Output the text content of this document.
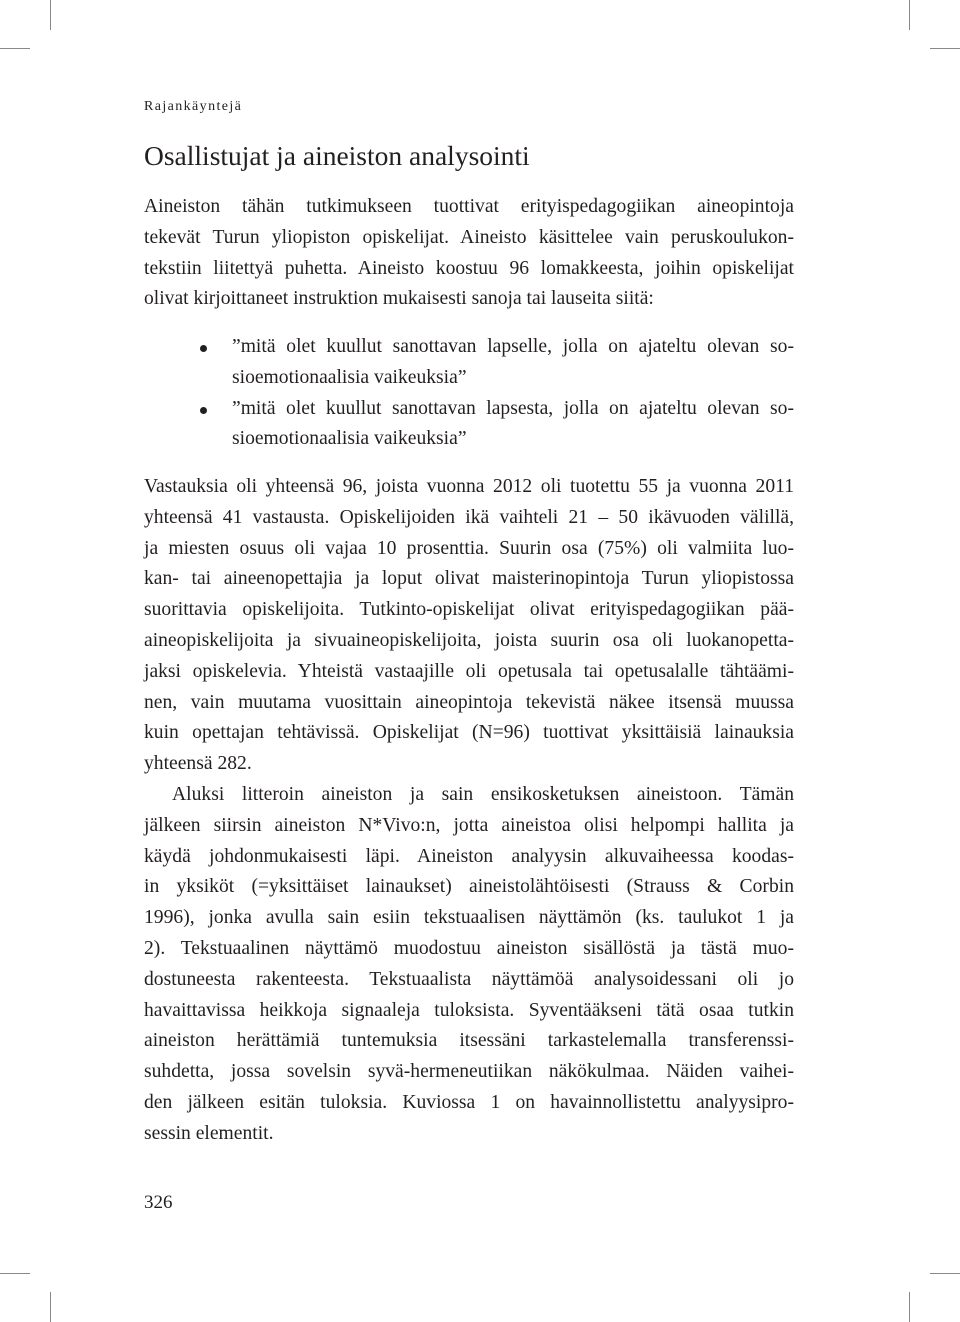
Rajankäyntejä
Osallistujat ja aineiston analysointi
Aineiston tähän tutkimukseen tuottivat erityispedagogiikan aineopintoja
tekevät Turun yliopiston opiskelijat. Aineisto käsittelee vain peruskoulukon-
tekstiin liitettyä puhetta. Aineisto koostuu 96 lomakkeesta, joihin opiskelijat
olivat kirjoittaneet instruktion mukaisesti sanoja tai lauseita siitä:
”mitä olet kuullut sanottavan lapselle, jolla on ajateltu olevan so-
sioemotionaalisia vaikeuksia”
”mitä olet kuullut sanottavan lapsesta, jolla on ajateltu olevan so-
sioemotionaalisia vaikeuksia”
Vastauksia oli yhteensä 96, joista vuonna 2012 oli tuotettu 55 ja vuonna 2011
yhteensä 41 vastausta. Opiskelijoiden ikä vaihteli 21 – 50 ikävuoden välillä,
ja miesten osuus oli vajaa 10 prosenttia. Suurin osa (75%) oli valmiita luo-
kan- tai aineenopettajia ja loput olivat maisterinopintoja Turun yliopistossa
suorittavia opiskelijoita. Tutkinto-opiskelijat olivat erityispedagogiikan pää-
aineopiskelijoita ja sivuaineopiskelijoita, joista suurin osa oli luokanopetta-
jaksi opiskelevia. Yhteistä vastaajille oli opetusala tai opetusalalle tähtäämi-
nen, vain muutama vuosittain aineopintoja tekevistä näkee itsensä muussa
kuin opettajan tehtävissä. Opiskelijat (N=96) tuottivat yksittäisiä lainauksia
yhteensä 282.
Aluksi litteroin aineiston ja sain ensikosketuksen aineistoon. Tämän
jälkeen siirsin aineiston N*Vivo:n, jotta aineistoa olisi helpompi hallita ja
käydä johdonmukaisesti läpi. Aineiston analyysin alkuvaiheessa koodas-
in yksiköt (=yksittäiset lainaukset) aineistolähtöisesti (Strauss & Corbin
1996), jonka avulla sain esiin tekstuaalisen näyttämön (ks. taulukot 1 ja
2). Tekstuaalinen näyttämö muodostuu aineiston sisällöstä ja tästä muo-
dostuneesta rakenteesta. Tekstuaalista näyttämöä analysoidessani oli jo
havaittavissa heikkoja signaaleja tuloksista. Syventääkseni tätä osaa tutkin
aineiston herättämiä tuntemuksia itsessäni tarkastelemalla transferenssi-
suhdetta, jossa sovelsin syvä-hermeneutiikan näkökulmaa. Näiden vaihei-
den jälkeen esitän tuloksia. Kuviossa 1 on havainnollistettu analyysipro-
sessin elementit.
326
